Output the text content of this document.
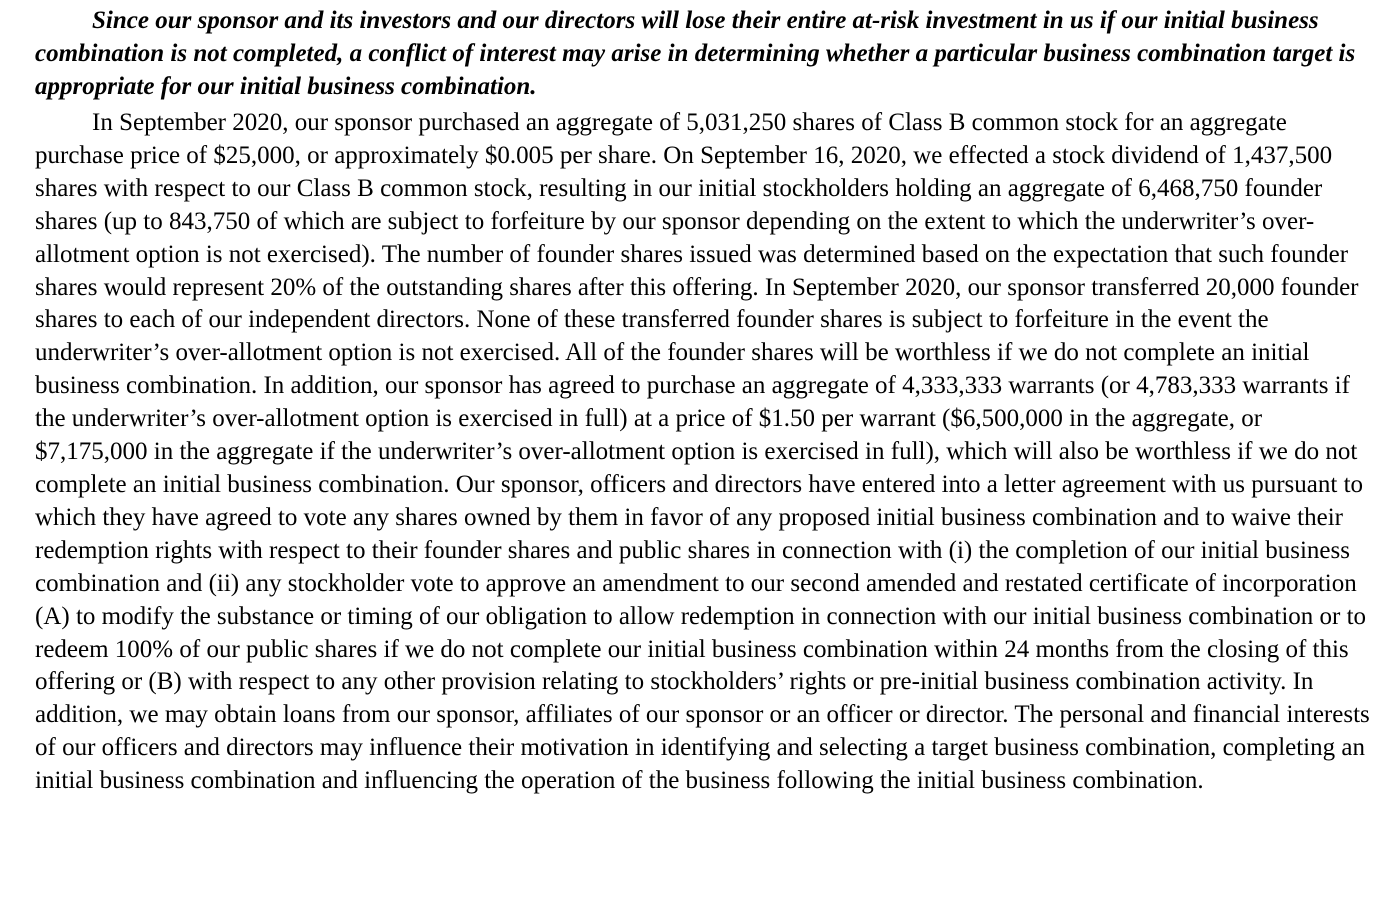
Since our sponsor and its investors and our directors will lose their entire at-risk investment in us if our initial business combination is not completed, a conflict of interest may arise in determining whether a particular business combination target is appropriate for our initial business combination.

In September 2020, our sponsor purchased an aggregate of 5,031,250 shares of Class B common stock for an aggregate purchase price of $25,000, or approximately $0.005 per share. On September 16, 2020, we effected a stock dividend of 1,437,500 shares with respect to our Class B common stock, resulting in our initial stockholders holding an aggregate of 6,468,750 founder shares (up to 843,750 of which are subject to forfeiture by our sponsor depending on the extent to which the underwriter’s over-allotment option is not exercised). The number of founder shares issued was determined based on the expectation that such founder shares would represent 20% of the outstanding shares after this offering. In September 2020, our sponsor transferred 20,000 founder shares to each of our independent directors. None of these transferred founder shares is subject to forfeiture in the event the underwriter’s over-allotment option is not exercised. All of the founder shares will be worthless if we do not complete an initial business combination. In addition, our sponsor has agreed to purchase an aggregate of 4,333,333 warrants (or 4,783,333 warrants if the underwriter’s over-allotment option is exercised in full) at a price of $1.50 per warrant ($6,500,000 in the aggregate, or $7,175,000 in the aggregate if the underwriter’s over-allotment option is exercised in full), which will also be worthless if we do not complete an initial business combination. Our sponsor, officers and directors have entered into a letter agreement with us pursuant to which they have agreed to vote any shares owned by them in favor of any proposed initial business combination and to waive their redemption rights with respect to their founder shares and public shares in connection with (i) the completion of our initial business combination and (ii) any stockholder vote to approve an amendment to our second amended and restated certificate of incorporation (A) to modify the substance or timing of our obligation to allow redemption in connection with our initial business combination or to redeem 100% of our public shares if we do not complete our initial business combination within 24 months from the closing of this offering or (B) with respect to any other provision relating to stockholders’ rights or pre-initial business combination activity. In addition, we may obtain loans from our sponsor, affiliates of our sponsor or an officer or director. The personal and financial interests of our officers and directors may influence their motivation in identifying and selecting a target business combination, completing an initial business combination and influencing the operation of the business following the initial business combination.
